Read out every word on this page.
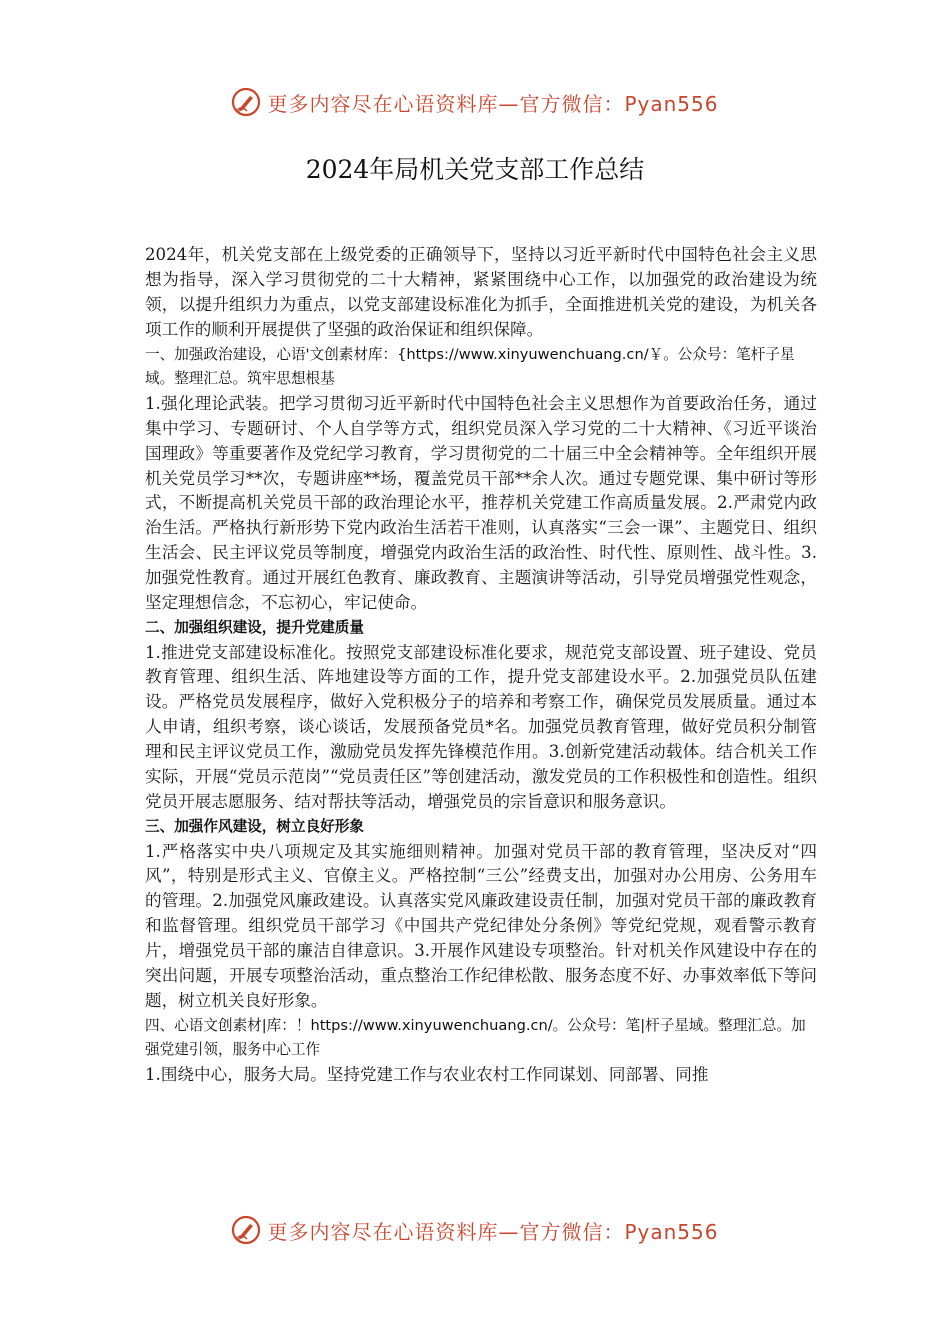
更多内容尽在心语资料库—官方微信：Pyan556
2024年局机关党支部工作总结

2024年，机关党支部在上级党委的正确领导下，坚持以习近平新时代中国特色社会主义思想为指导，深入学习贯彻党的二十大精神，紧紧围绕中心工作，以加强党的政治建设为统领，以提升组织力为重点，以党支部建设标准化为抓手，全面推进机关党的建设，为机关各项工作的顺利开展提供了坚强的政治保证和组织保障。

一、加强政治建设，心语'文创素材库：{https://www.xinyuwenchuang.cn/￥。公众号：笔杆子星域。整理汇总。筑牢思想根基

1.强化理论武装。把学习贯彻习近平新时代中国特色社会主义思想作为首要政治任务，通过集中学习、专题研讨、个人自学等方式，组织党员深入学习党的二十大精神、《习近平谈治国理政》等重要著作及党纪学习教育，学习贯彻党的二十届三中全会精神等。全年组织开展机关党员学习**次，专题讲座**场，覆盖党员干部**余人次。通过专题党课、集中研讨等形式，不断提高机关党员干部的政治理论水平，推荐机关党建工作高质量发展。2.严肃党内政治生活。严格执行新形势下党内政治生活若干准则，认真落实“三会一课”、主题党日、组织生活会、民主评议党员等制度，增强党内政治生活的政治性、时代性、原则性、战斗性。3.加强党性教育。通过开展红色教育、廉政教育、主题演讲等活动，引导党员增强党性观念，坚定理想信念，不忘初心，牢记使命。

二、加强组织建设，提升党建质量

1.推进党支部建设标准化。按照党支部建设标准化要求，规范党支部设置、班子建设、党员教育管理、组织生活、阵地建设等方面的工作，提升党支部建设水平。2.加强党员队伍建设。严格党员发展程序，做好入党积极分子的培养和考察工作，确保党员发展质量。通过本人申请，组织考察，谈心谈话，发展预备党员*名。加强党员教育管理，做好党员积分制管理和民主评议党员工作，激励党员发挥先锋模范作用。3.创新党建活动载体。结合机关工作实际，开展“党员示范岗”“党员责任区”等创建活动，激发党员的工作积极性和创造性。组织党员开展志愿服务、结对帮扶等活动，增强党员的宗旨意识和服务意识。

三、加强作风建设，树立良好形象

1.严格落实中央八项规定及其实施细则精神。加强对党员干部的教育管理，坚决反对“四风”，特别是形式主义、官僚主义。严格控制“三公”经费支出，加强对办公用房、公务用车的管理。2.加强党风廉政建设。认真落实党风廉政建设责任制，加强对党员干部的廉政教育和监督管理。组织党员干部学习《中国共产党纪律处分条例》等党纪党规，观看警示教育片，增强党员干部的廉洁自律意识。3.开展作风建设专项整治。针对机关作风建设中存在的突出问题，开展专项整治活动，重点整治工作纪律松散、服务态度不好、办事效率低下等问题，树立机关良好形象。

四、心语文创素材|库：！https://www.xinyuwenchuang.cn/。公众号：笔|杆子星域。整理汇总。加强党建引领，服务中心工作

1.围绕中心，服务大局。坚持党建工作与农业农村工作同谋划、同部署、同推

更多内容尽在心语资料库—官方微信：Pyan556
